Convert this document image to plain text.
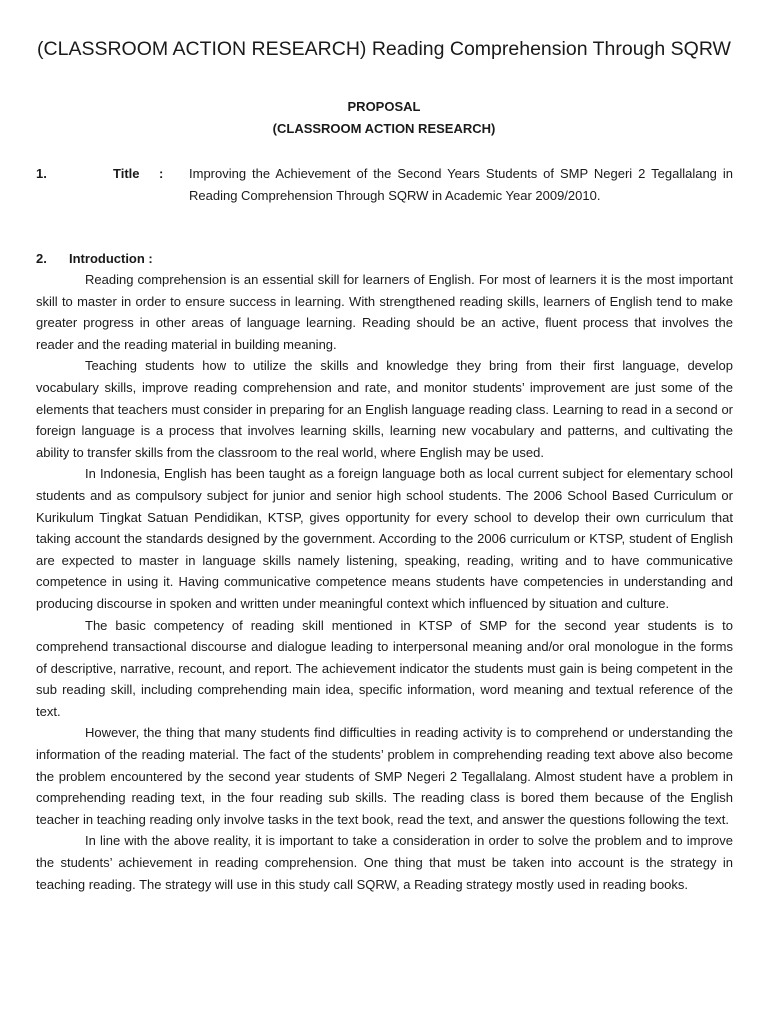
(CLASSROOM ACTION RESEARCH) Reading Comprehension Through SQRW
PROPOSAL
(CLASSROOM ACTION RESEARCH)
1.	Title : Improving the Achievement of the Second Years Students of SMP Negeri 2 Tegallalang in Reading Comprehension Through SQRW in Academic Year 2009/2010.
2. Introduction :

Reading comprehension is an essential skill for learners of English. For most of learners it is the most important skill to master in order to ensure success in learning. With strengthened reading skills, learners of English tend to make greater progress in other areas of language learning. Reading should be an active, fluent process that involves the reader and the reading material in building meaning.

Teaching students how to utilize the skills and knowledge they bring from their first language, develop vocabulary skills, improve reading comprehension and rate, and monitor students’ improvement are just some of the elements that teachers must consider in preparing for an English language reading class. Learning to read in a second or foreign language is a process that involves learning skills, learning new vocabulary and patterns, and cultivating the ability to transfer skills from the classroom to the real world, where English may be used.

In Indonesia, English has been taught as a foreign language both as local current subject for elementary school students and as compulsory subject for junior and senior high school students. The 2006 School Based Curriculum or Kurikulum Tingkat Satuan Pendidikan, KTSP, gives opportunity for every school to develop their own curriculum that taking account the standards designed by the government. According to the 2006 curriculum or KTSP, student of English are expected to master in language skills namely listening, speaking, reading, writing and to have communicative competence in using it. Having communicative competence means students have competencies in understanding and producing discourse in spoken and written under meaningful context which influenced by situation and culture.

The basic competency of reading skill mentioned in KTSP of SMP for the second year students is to comprehend transactional discourse and dialogue leading to interpersonal meaning and/or oral monologue in the forms of descriptive, narrative, recount, and report. The achievement indicator the students must gain is being competent in the sub reading skill, including comprehending main idea, specific information, word meaning and textual reference of the text.

However, the thing that many students find difficulties in reading activity is to comprehend or understanding the information of the reading material. The fact of the students’ problem in comprehending reading text above also become the problem encountered by the second year students of SMP Negeri 2 Tegallalang. Almost student have a problem in comprehending reading text, in the four reading sub skills. The reading class is bored them because of the English teacher in teaching reading only involve tasks in the text book, read the text, and answer the questions following the text.

In line with the above reality, it is important to take a consideration in order to solve the problem and to improve the students’ achievement in reading comprehension. One thing that must be taken into account is the strategy in teaching reading. The strategy will use in this study call SQRW, a Reading strategy mostly used in reading books.
